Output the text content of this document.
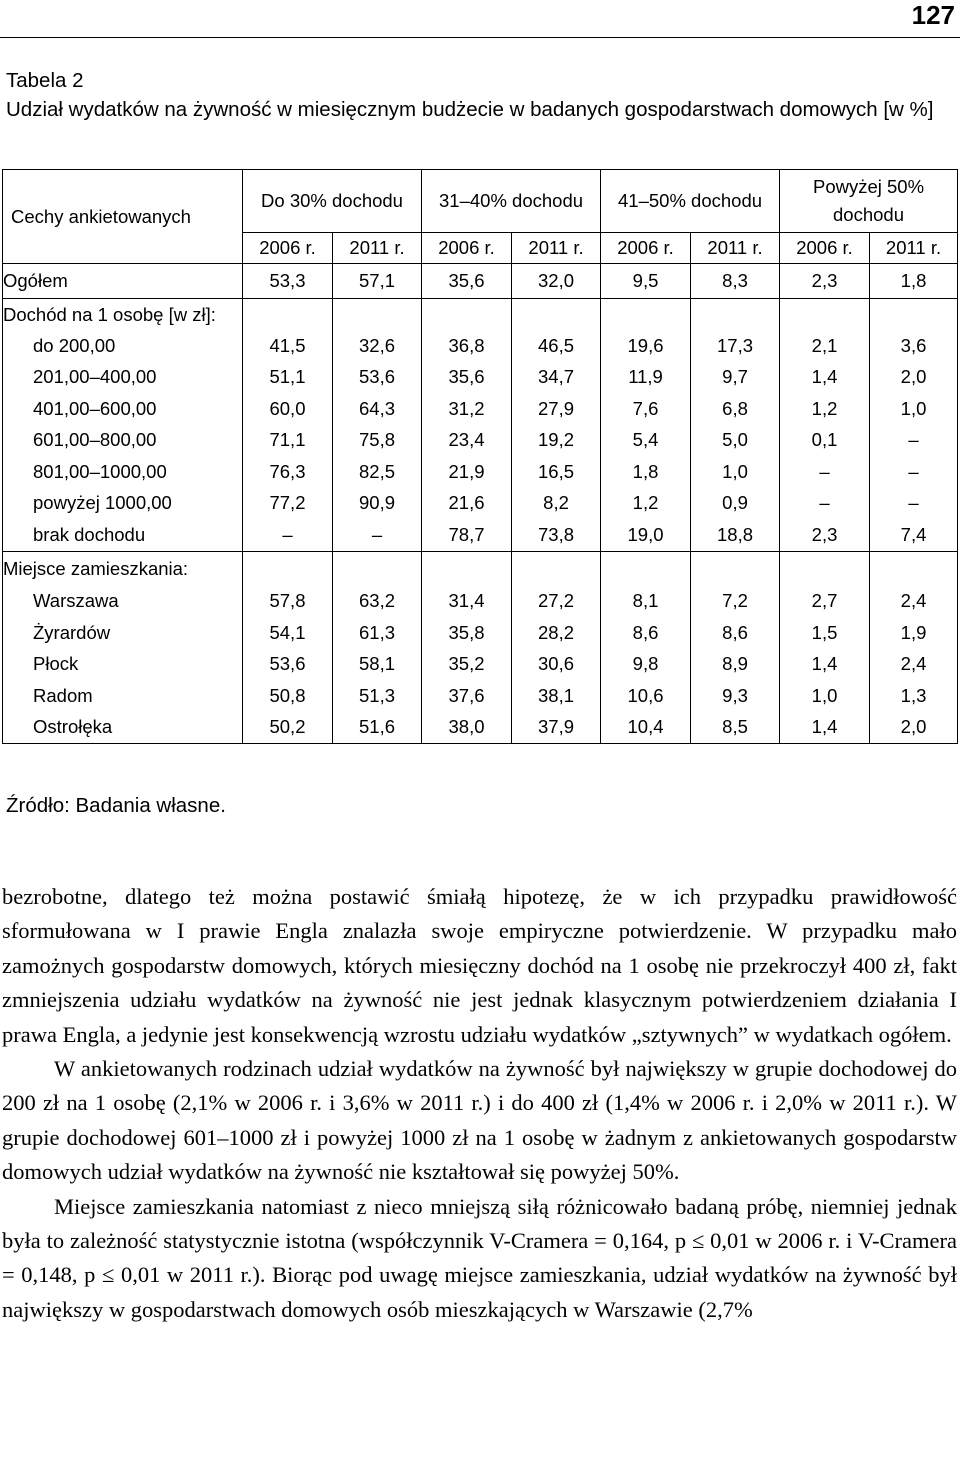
127
Tabela 2
Udział wydatków na żywność w miesięcznym budżecie w badanych gospodarstwach domowych [w %]
Cechy ankietowanych	Do 30% dochodu		31–40% dochodu		41–50% dochodu		Powyżej 50% dochodu	
	2006 r.	2011 r.	2006 r.	2011 r.	2006 r.	2011 r.	2006 r.	2011 r.
Ogółem	53,3	57,1	35,6	32,0	9,5	8,3	2,3	1,8
Dochód na 1 osobę [w zł]:								
do 200,00	41,5	32,6	36,8	46,5	19,6	17,3	2,1	3,6
201,00–400,00	51,1	53,6	35,6	34,7	11,9	9,7	1,4	2,0
401,00–600,00	60,0	64,3	31,2	27,9	7,6	6,8	1,2	1,0
601,00–800,00	71,1	75,8	23,4	19,2	5,4	5,0	0,1	–
801,00–1000,00	76,3	82,5	21,9	16,5	1,8	1,0	–	–
powyżej 1000,00	77,2	90,9	21,6	8,2	1,2	0,9	–	–
brak dochodu	–	–	78,7	73,8	19,0	18,8	2,3	7,4
Miejsce zamieszkania:								
Warszawa	57,8	63,2	31,4	27,2	8,1	7,2	2,7	2,4
Żyrardów	54,1	61,3	35,8	28,2	8,6	8,6	1,5	1,9
Płock	53,6	58,1	35,2	30,6	9,8	8,9	1,4	2,4
Radom	50,8	51,3	37,6	38,1	10,6	9,3	1,0	1,3
Ostrołęka	50,2	51,6	38,0	37,9	10,4	8,5	1,4	2,0
Źródło: Badania własne.

bezrobotne, dlatego też można postawić śmiałą hipotezę, że w ich przypadku prawidłowość sformułowana w I prawie Engla znalazła swoje empiryczne potwierdzenie. W przypadku mało zamożnych gospodarstw domowych, których miesięczny dochód na 1 osobę nie przekroczył 400 zł, fakt zmniejszenia udziału wydatków na żywność nie jest jednak klasycznym potwierdzeniem działania I prawa Engla, a jedynie jest konsekwencją wzrostu udziału wydatków „sztywnych” w wydatkach ogółem.

W ankietowanych rodzinach udział wydatków na żywność był największy w grupie dochodowej do 200 zł na 1 osobę (2,1% w 2006 r. i 3,6% w 2011 r.) i do 400 zł (1,4% w 2006 r. i 2,0% w 2011 r.). W grupie dochodowej 601–1000 zł i powyżej 1000 zł na 1 osobę w żadnym z ankietowanych gospodarstw domowych udział wydatków na żywność nie kształtował się powyżej 50%.

Miejsce zamieszkania natomiast z nieco mniejszą siłą różnicowało badaną próbę, niemniej jednak była to zależność statystycznie istotna (współczynnik V-Cramera = 0,164, p ≤ 0,01 w 2006 r. i V-Cramera = 0,148, p ≤ 0,01 w 2011 r.). Biorąc pod uwagę miejsce zamieszkania, udział wydatków na żywność był największy w gospodarstwach domowych osób mieszkających w Warszawie (2,7%
